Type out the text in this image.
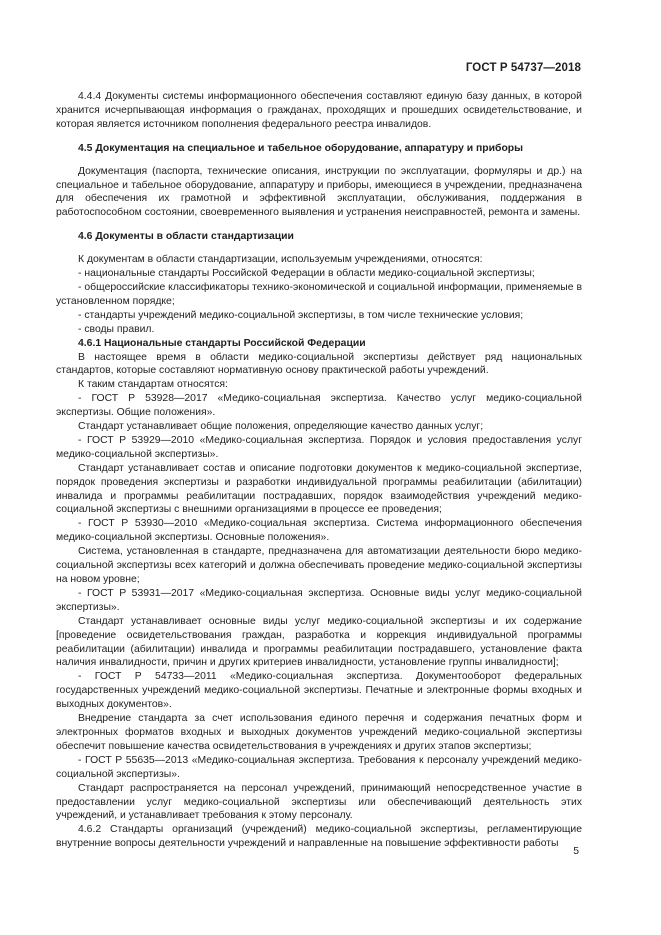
ГОСТ Р 54737—2018

4.4.4 Документы системы информационного обеспечения составляют единую базу данных, в которой хранится исчерпывающая информация о гражданах, проходящих и прошедших освидетельствование, и которая является источником пополнения федерального реестра инвалидов.

4.5 Документация на специальное и табельное оборудование, аппаратуру и приборы

Документация (паспорта, технические описания, инструкции по эксплуатации, формуляры и др.) на специальное и табельное оборудование, аппаратуру и приборы, имеющиеся в учреждении, предназначена для обеспечения их грамотной и эффективной эксплуатации, обслуживания, поддержания в работоспособном состоянии, своевременного выявления и устранения неисправностей, ремонта и замены.

4.6 Документы в области стандартизации

К документам в области стандартизации, используемым учреждениями, относятся:

- национальные стандарты Российской Федерации в области медико-социальной экспертизы;

- общероссийские классификаторы технико-экономической и социальной информации, применяемые в установленном порядке;

- стандарты учреждений медико-социальной экспертизы, в том числе технические условия;

- своды правил.

4.6.1 Национальные стандарты Российской Федерации

В настоящее время в области медико-социальной экспертизы действует ряд национальных стандартов, которые составляют нормативную основу практической работы учреждений.

К таким стандартам относятся:

- ГОСТ Р 53928—2017 «Медико-социальная экспертиза. Качество услуг медико-социальной экспертизы. Общие положения».

Стандарт устанавливает общие положения, определяющие качество данных услуг;

- ГОСТ Р 53929—2010 «Медико-социальная экспертиза. Порядок и условия предоставления услуг медико-социальной экспертизы».

Стандарт устанавливает состав и описание подготовки документов к медико-социальной экспертизе, порядок проведения экспертизы и разработки индивидуальной программы реабилитации (абилитации) инвалида и программы реабилитации пострадавших, порядок взаимодействия учреждений медико-социальной экспертизы с внешними организациями в процессе ее проведения;

- ГОСТ Р 53930—2010 «Медико-социальная экспертиза. Система информационного обеспечения медико-социальной экспертизы. Основные положения».

Система, установленная в стандарте, предназначена для автоматизации деятельности бюро медико-социальной экспертизы всех категорий и должна обеспечивать проведение медико-социальной экспертизы на новом уровне;

- ГОСТ Р 53931—2017 «Медико-социальная экспертиза. Основные виды услуг медико-социальной экспертизы».

Стандарт устанавливает основные виды услуг медико-социальной экспертизы и их содержание [проведение освидетельствования граждан, разработка и коррекция индивидуальной программы реабилитации (абилитации) инвалида и программы реабилитации пострадавшего, установление факта наличия инвалидности, причин и других критериев инвалидности, установление группы инвалидности];

- ГОСТ Р 54733—2011 «Медико-социальная экспертиза. Документооборот федеральных государственных учреждений медико-социальной экспертизы. Печатные и электронные формы входных и выходных документов».

Внедрение стандарта за счет использования единого перечня и содержания печатных форм и электронных форматов входных и выходных документов учреждений медико-социальной экспертизы обеспечит повышение качества освидетельствования в учреждениях и других этапов экспертизы;

- ГОСТ Р 55635—2013 «Медико-социальная экспертиза. Требования к персоналу учреждений медико-социальной экспертизы».

Стандарт распространяется на персонал учреждений, принимающий непосредственное участие в предоставлении услуг медико-социальной экспертизы или обеспечивающий деятельность этих учреждений, и устанавливает требования к этому персоналу.

4.6.2 Стандарты организаций (учреждений) медико-социальной экспертизы, регламентирующие внутренние вопросы деятельности учреждений и направленные на повышение эффективности работы

5
